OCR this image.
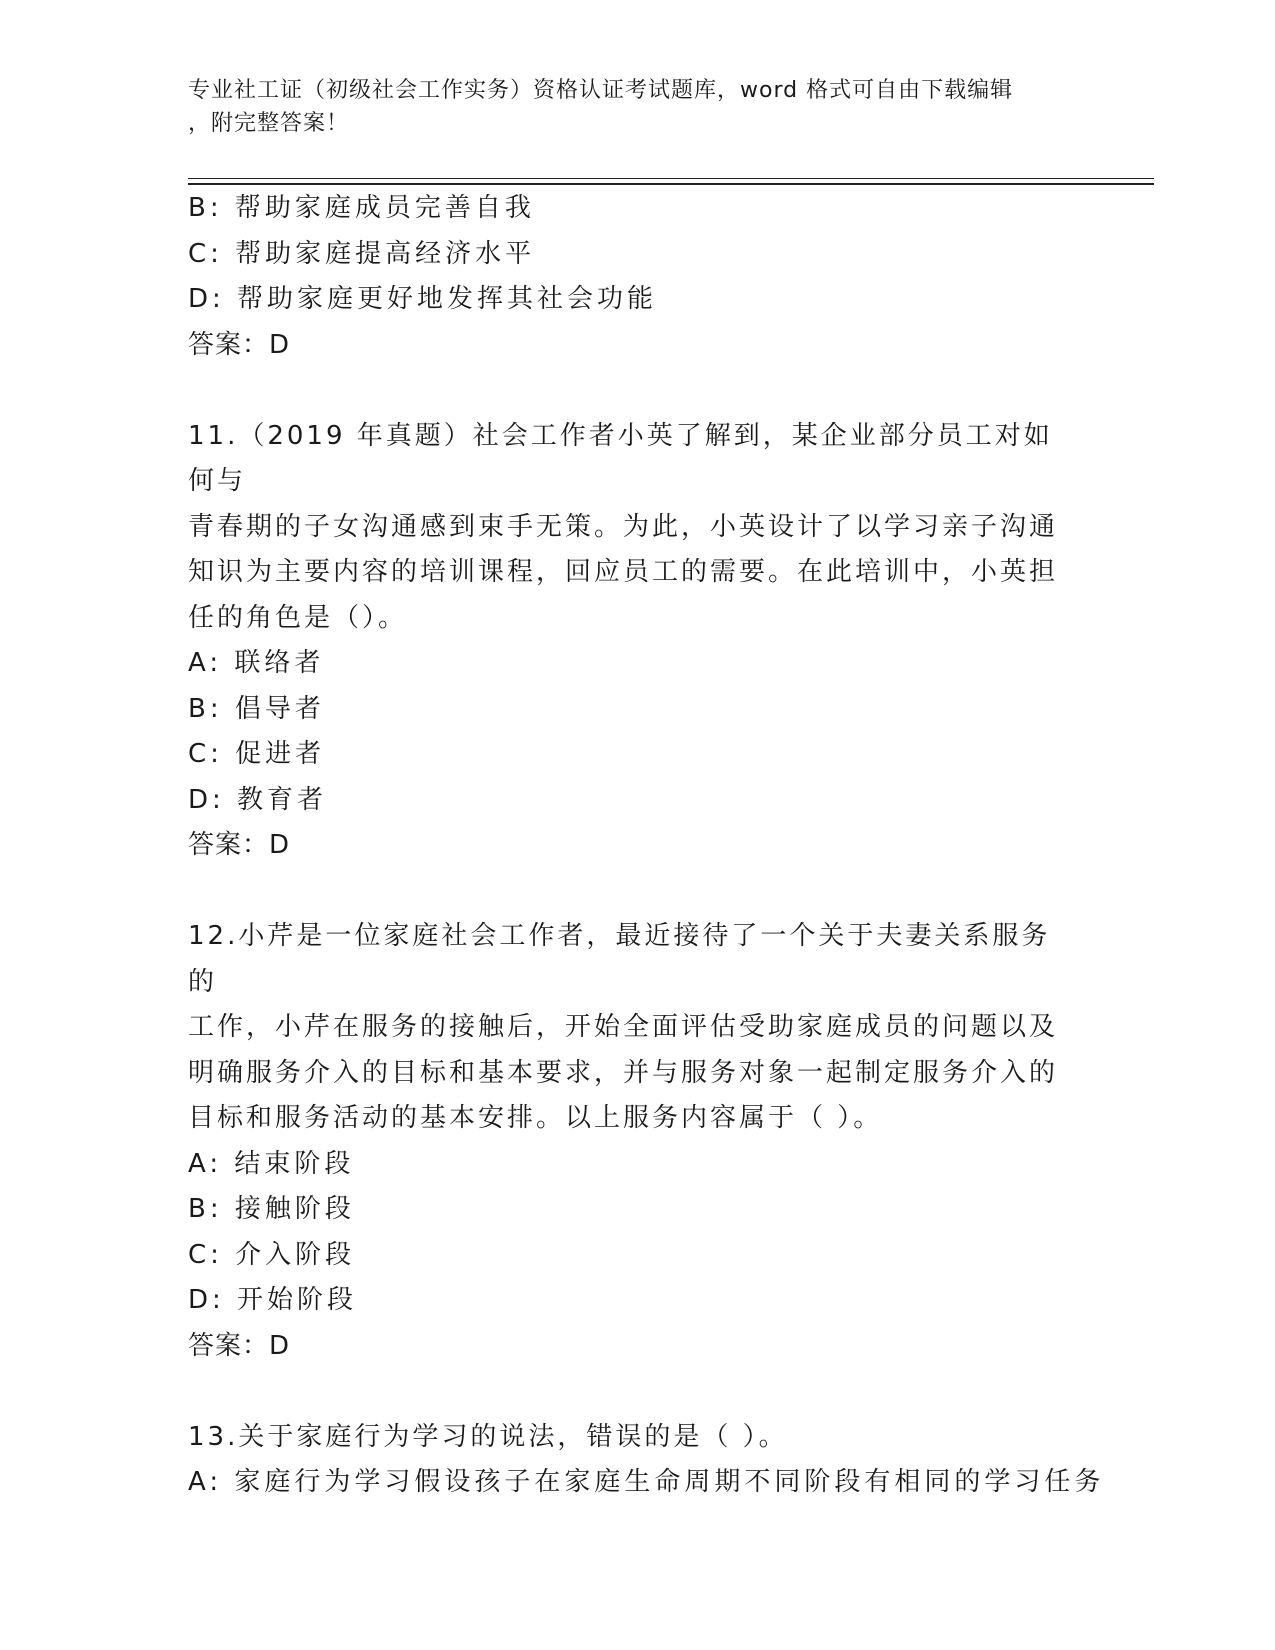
专业社工证（初级社会工作实务）资格认证考试题库，word 格式可自由下载编辑
，附完整答案！
B: 帮助家庭成员完善自我
C: 帮助家庭提高经济水平
D: 帮助家庭更好地发挥其社会功能
答案：D
11.（2019 年真题）社会工作者小英了解到，某企业部分员工对如何与
青春期的子女沟通感到束手无策。为此，小英设计了以学习亲子沟通
知识为主要内容的培训课程，回应员工的需要。在此培训中，小英担
任的角色是（）。
A: 联络者
B: 倡导者
C: 促进者
D: 教育者
答案：D
12.小芹是一位家庭社会工作者，最近接待了一个关于夫妻关系服务的
工作，小芹在服务的接触后，开始全面评估受助家庭成员的问题以及
明确服务介入的目标和基本要求，并与服务对象一起制定服务介入的
目标和服务活动的基本安排。以上服务内容属于（ ）。
A: 结束阶段
B: 接触阶段
C: 介入阶段
D: 开始阶段
答案：D
13.关于家庭行为学习的说法，错误的是（ ）。
A: 家庭行为学习假设孩子在家庭生命周期不同阶段有相同的学习任务
